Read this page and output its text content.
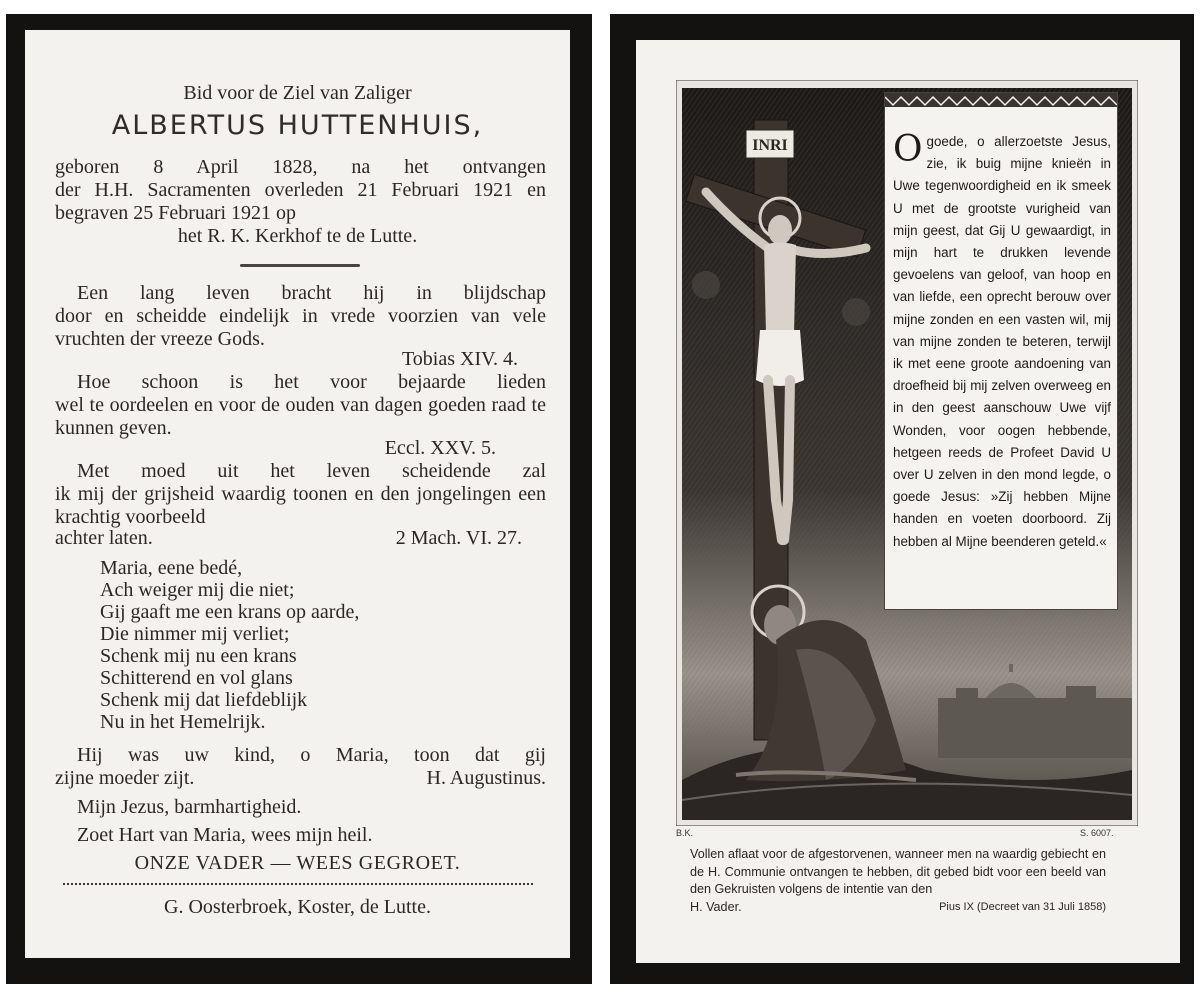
Bid voor de Ziel van Zaliger
ALBERTUS HUTTENHUIS,
geboren 8 April 1828, na het ontvangen
der H.H. Sacramenten overleden 21 Februari 1921 en begraven 25 Februari 1921 op
het R. K. Kerkhof te de Lutte.
Een lang leven bracht hij in blijdschap
door en scheidde eindelijk in vrede voorzien van vele vruchten der vreeze Gods.
Tobias XIV. 4.
Hoe schoon is het voor bejaarde lieden
wel te oordeelen en voor de ouden van dagen goeden raad te kunnen geven.
Eccl. XXV. 5.
Met moed uit het leven scheidende zal
ik mij der grijsheid waardig toonen en den jongelingen een krachtig voorbeeld
achter laten.	2 Mach. VI. 27.
Maria, eene bedé,
Ach weiger mij die niet;
Gij gaaft me een krans op aarde,
Die nimmer mij verliet;
Schenk mij nu een krans
Schitterend en vol glans
Schenk mij dat liefdeblijk
Nu in het Hemelrijk.
Hij was uw kind, o Maria, toon dat gij
zijne moeder zijt.	H. Augustinus.
Mijn Jezus, barmhartigheid.
Zoet Hart van Maria, wees mijn heil.
ONZE VADER — WEES GEGROET.
G. Oosterbroek, Koster, de Lutte.
INRI	Ogoede, o allerzoetste Jesus, zie, ik buig mijne knieën in Uwe tegenwoordigheid en ik smeek U met de grootste vurigheid van mijn geest, dat Gij U gewaardigt, in mijn hart te drukken levende gevoelens van geloof, van hoop en van liefde, een oprecht berouw over mijne zonden en een vasten wil, mij van mijne zonden te beteren, terwijl ik met eene groote aandoening van droefheid bij mij zelven overweeg en in den geest aanschouw Uwe vijf Wonden, voor oogen hebbende, hetgeen reeds de Profeet David U over U zelven in den mond legde, o goede Jesus: »Zij hebben Mijne handen en voeten doorboord. Zij hebben al Mijne beenderen geteld.«
B.K.	S. 6007.
Vollen aflaat voor de afgestorvenen, wanneer men na waardig gebiecht en de H. Communie ontvangen te hebben, dit gebed bidt voor een beeld van den Gekruisten volgens de intentie van den
H. Vader.	Pius IX (Decreet van 31 Juli 1858)
